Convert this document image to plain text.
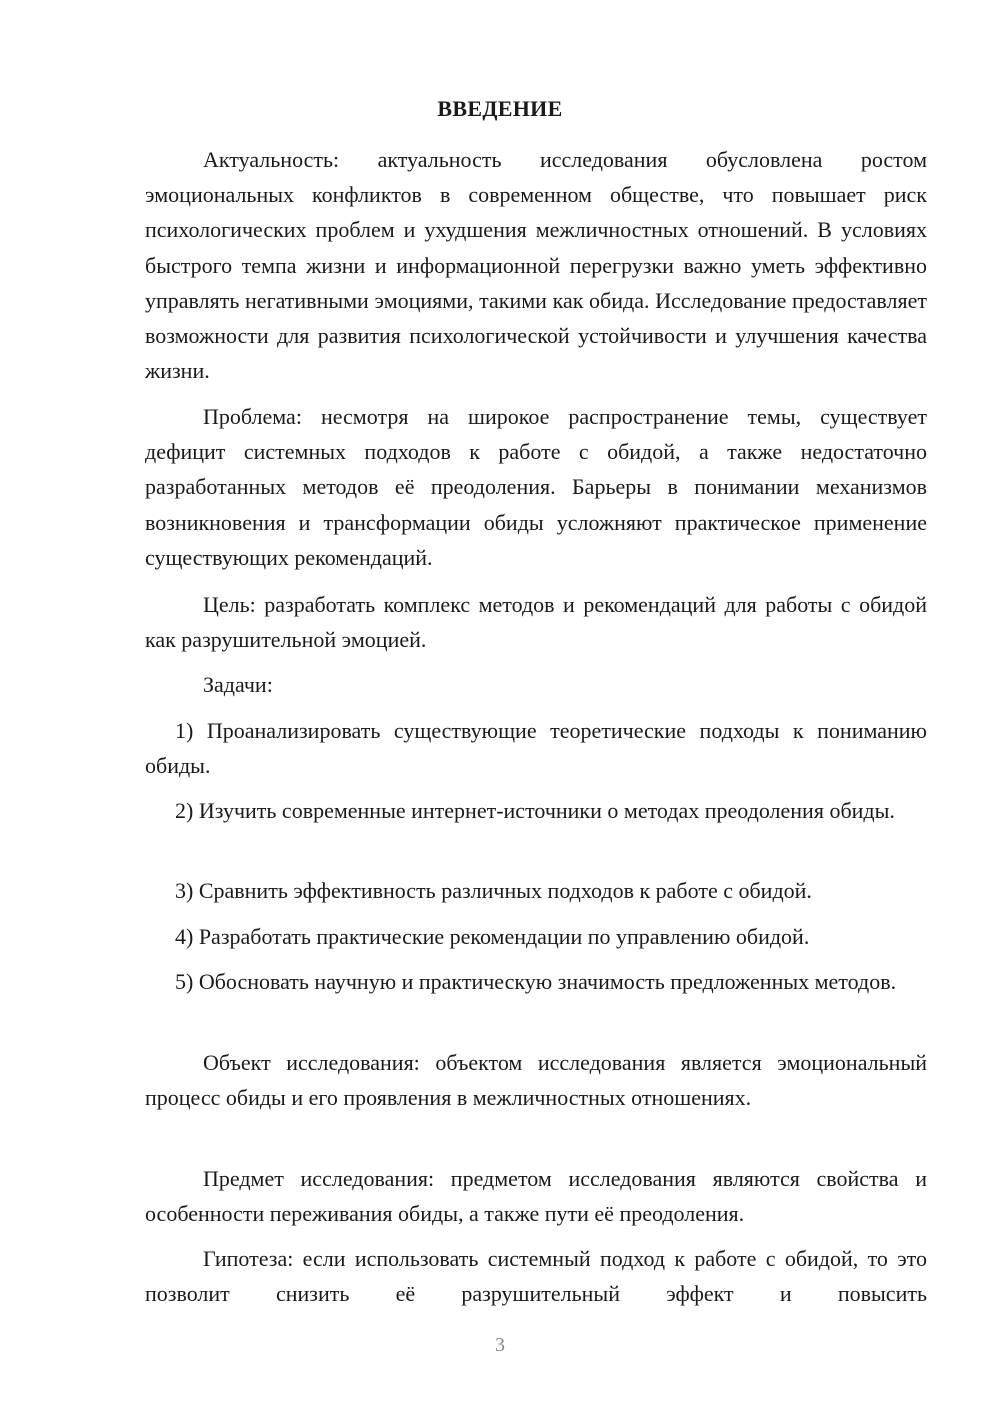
ВВЕДЕНИЕ

Актуальность: актуальность исследования обусловлена ростом эмоциональных конфликтов в современном обществе, что повышает риск психологических проблем и ухудшения межличностных отношений. В условиях быстрого темпа жизни и информационной перегрузки важно уметь эффективно управлять негативными эмоциями, такими как обида. Исследование предоставляет возможности для развития психологической устойчивости и улучшения качества жизни.

Проблема: несмотря на широкое распространение темы, существует дефицит системных подходов к работе с обидой, а также недостаточно разработанных методов её преодоления. Барьеры в понимании механизмов возникновения и трансформации обиды усложняют практическое применение существующих рекомендаций.

Цель: разработать комплекс методов и рекомендаций для работы с обидой как разрушительной эмоцией.

Задачи:

1) Проанализировать существующие теоретические подходы к пониманию обиды.

2) Изучить современные интернет-источники о методах преодоления обиды.

3) Сравнить эффективность различных подходов к работе с обидой.

4) Разработать практические рекомендации по управлению обидой.

5) Обосновать научную и практическую значимость предложенных методов.

Объект исследования: объектом исследования является эмоциональный процесс обиды и его проявления в межличностных отношениях.

Предмет исследования: предметом исследования являются свойства и особенности переживания обиды, а также пути её преодоления.

Гипотеза: если использовать системный подход к работе с обидой, то это позволит снизить её разрушительный эффект и повысить

3
